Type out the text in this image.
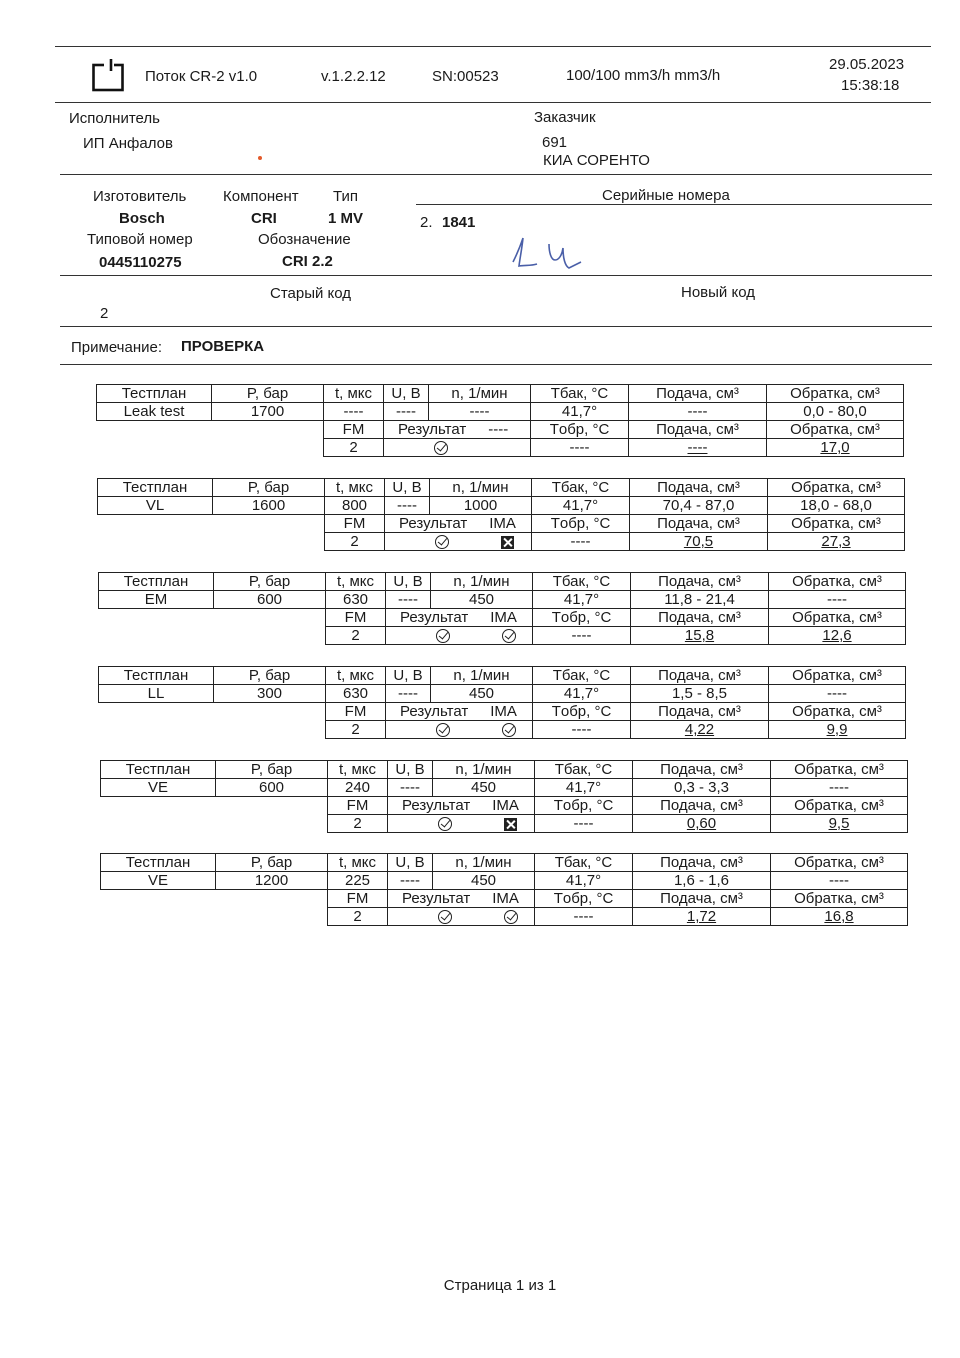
Поток CR-2 v1.0	v.1.2.2.12	SN:00523	100/100 mm3/h mm3/h
29.05.2023
15:38:18
Исполнитель
ИП Анфалов
Заказчик
691
КИА СОРЕНТО
Изготовитель
Bosch
Компонент
CRI
Тип
1 MV
Типовой номер
0445110275
Обозначение
CRI 2.2
Серийные номера
2. 1841
Старый код	Новый код
2
Примечание: ПРОВЕРКА
Тестплан	P, бар	t, мкс	U, B	n, 1/мин	Tбак, °C	Подача, см³	Обратка, см³
Leak test	1700	----	----	----	41,7°	----	0,0 - 80,0
		FM	Результат ----		Tобр, °C	Подача, см³	Обратка, см³
		2			----	----	17,0
Тестплан	P, бар	t, мкс	U, B	n, 1/мин	Tбак, °C	Подача, см³	Обратка, см³
VL	1600	800	----	1000	41,7°	70,4 - 87,0	18,0 - 68,0
		FM	Результат IMA		Tобр, °C	Подача, см³	Обратка, см³
		2			----	70,5	27,3
Тестплан	P, бар	t, мкс	U, B	n, 1/мин	Tбак, °C	Подача, см³	Обратка, см³
EM	600	630	----	450	41,7°	11,8 - 21,4	----
		FM	Результат IMA		Tобр, °C	Подача, см³	Обратка, см³
		2			----	15,8	12,6
Тестплан	P, бар	t, мкс	U, B	n, 1/мин	Tбак, °C	Подача, см³	Обратка, см³
LL	300	630	----	450	41,7°	1,5 - 8,5	----
		FM	Результат IMA		Tобр, °C	Подача, см³	Обратка, см³
		2			----	4,22	9,9
Тестплан	P, бар	t, мкс	U, B	n, 1/мин	Tбак, °C	Подача, см³	Обратка, см³
VE	600	240	----	450	41,7°	0,3 - 3,3	----
		FM	Результат IMA		Tобр, °C	Подача, см³	Обратка, см³
		2			----	0,60	9,5
Тестплан	P, бар	t, мкс	U, B	n, 1/мин	Tбак, °C	Подача, см³	Обратка, см³
VE	1200	225	----	450	41,7°	1,6 - 1,6	----
		FM	Результат IMA		Tобр, °C	Подача, см³	Обратка, см³
		2			----	1,72	16,8
Страница 1 из 1
